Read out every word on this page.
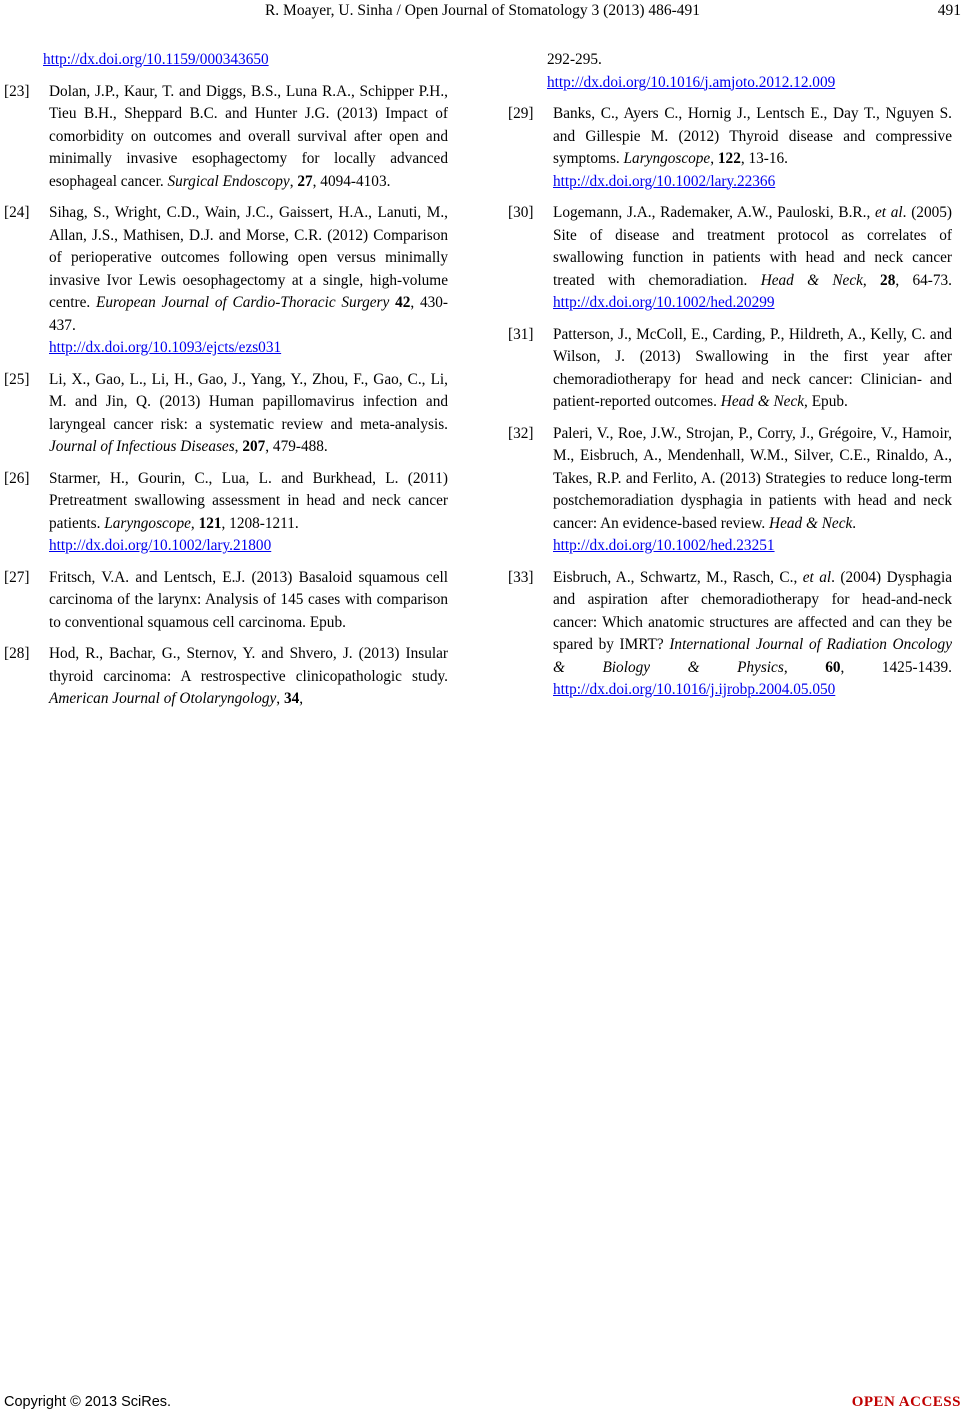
R. Moayer, U. Sinha / Open Journal of Stomatology 3 (2013) 486-491	491
http://dx.doi.org/10.1159/000343650
[23] Dolan, J.P., Kaur, T. and Diggs, B.S., Luna R.A., Schipper P.H., Tieu B.H., Sheppard B.C. and Hunter J.G. (2013) Impact of comorbidity on outcomes and overall survival after open and minimally invasive esophagectomy for locally advanced esophageal cancer. Surgical Endoscopy, 27, 4094-4103.
[24] Sihag, S., Wright, C.D., Wain, J.C., Gaissert, H.A., Lanuti, M., Allan, J.S., Mathisen, D.J. and Morse, C.R. (2012) Comparison of perioperative outcomes following open versus minimally invasive Ivor Lewis oesophagectomy at a single, high-volume centre. European Journal of Cardio-Thoracic Surgery 42, 430-437.
http://dx.doi.org/10.1093/ejcts/ezs031
[25] Li, X., Gao, L., Li, H., Gao, J., Yang, Y., Zhou, F., Gao, C., Li, M. and Jin, Q. (2013) Human papillomavirus infection and laryngeal cancer risk: a systematic review and meta-analysis. Journal of Infectious Diseases, 207, 479-488.
[26] Starmer, H., Gourin, C., Lua, L. and Burkhead, L. (2011) Pretreatment swallowing assessment in head and neck cancer patients. Laryngoscope, 121, 1208-1211.
http://dx.doi.org/10.1002/lary.21800
[27] Fritsch, V.A. and Lentsch, E.J. (2013) Basaloid squamous cell carcinoma of the larynx: Analysis of 145 cases with comparison to conventional squamous cell carcinoma. Epub.
[28] Hod, R., Bachar, G., Sternov, Y. and Shvero, J. (2013) Insular thyroid carcinoma: A restrospective clinicopathologic study. American Journal of Otolaryngology, 34,
292-295.
http://dx.doi.org/10.1016/j.amjoto.2012.12.009
[29] Banks, C., Ayers C., Hornig J., Lentsch E., Day T., Nguyen S. and Gillespie M. (2012) Thyroid disease and compressive symptoms. Laryngoscope, 122, 13-16.
http://dx.doi.org/10.1002/lary.22366
[30] Logemann, J.A., Rademaker, A.W., Pauloski, B.R., et al. (2005) Site of disease and treatment protocol as correlates of swallowing function in patients with head and neck cancer treated with chemoradiation. Head & Neck, 28, 64-73. http://dx.doi.org/10.1002/hed.20299
[31] Patterson, J., McColl, E., Carding, P., Hildreth, A., Kelly, C. and Wilson, J. (2013) Swallowing in the first year after chemoradiotherapy for head and neck cancer: Clinician- and patient-reported outcomes. Head & Neck, Epub.
[32] Paleri, V., Roe, J.W., Strojan, P., Corry, J., Grégoire, V., Hamoir, M., Eisbruch, A., Mendenhall, W.M., Silver, C.E., Rinaldo, A., Takes, R.P. and Ferlito, A. (2013) Strategies to reduce long-term postchemoradiation dysphagia in patients with head and neck cancer: An evidence-based review. Head & Neck.
http://dx.doi.org/10.1002/hed.23251
[33] Eisbruch, A., Schwartz, M., Rasch, C., et al. (2004) Dysphagia and aspiration after chemoradiotherapy for head-and-neck cancer: Which anatomic structures are affected and can they be spared by IMRT? International Journal of Radiation Oncology & Biology & Physics, 60, 1425-1439. http://dx.doi.org/10.1016/j.ijrobp.2004.05.050
Copyright © 2013 SciRes.	OPEN ACCESS
